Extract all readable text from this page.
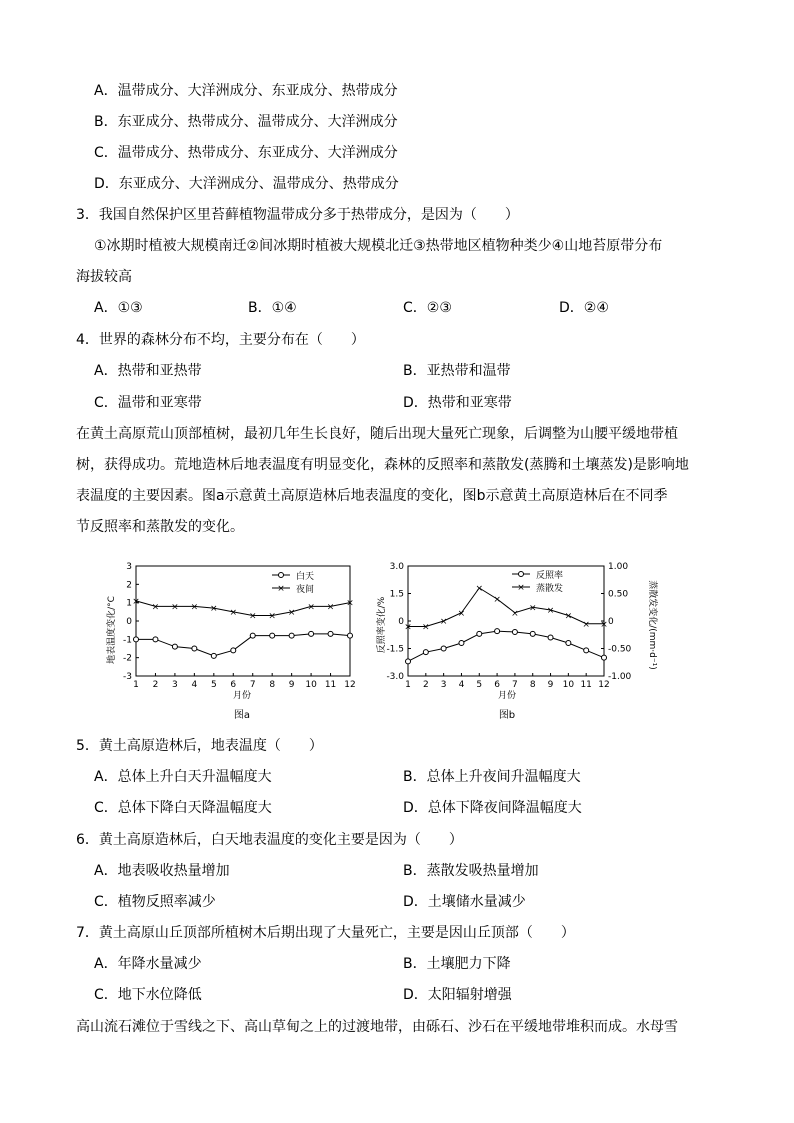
A．温带成分、大洋洲成分、东亚成分、热带成分
B．东亚成分、热带成分、温带成分、大洋洲成分
C．温带成分、热带成分、东亚成分、大洋洲成分
D．东亚成分、大洋洲成分、温带成分、热带成分
3．我国自然保护区里苔藓植物温带成分多于热带成分，是因为（　　）
①冰期时植被大规模南迁②间冰期时植被大规模北迁③热带地区植物种类少④山地苔原带分布
海拔较高
A．①③	B．①④	C．②③	D．②④
4．世界的森林分布不均，主要分布在（　　）
A．热带和亚热带	B．亚热带和温带
C．温带和亚寒带	D．热带和亚寒带
在黄土高原荒山顶部植树，最初几年生长良好，随后出现大量死亡现象，后调整为山腰平缓地带植
树，获得成功。荒地造林后地表温度有明显变化，森林的反照率和蒸散发(蒸腾和土壤蒸发)是影响地
表温度的主要因素。图a示意黄土高原造林后地表温度的变化，图b示意黄土高原造林后在不同季
节反照率和蒸散发的变化。
地表温度变化/°C
-3
-2
-1
0
1
2
3
1 2 3 4 5 6 7 8 9 10 11 12
×
× × × × × × × ×
× × ×
白天
× 夜间
月份
图a
反照率变化/%	蒸散发变化/(mm·d⁻¹)
3.0
1.5
0
-1.5
-3.0
1.00
0.50
0
-0.50
-1.00
1 2 3 4 5 6 7 8 9 10 11 12
× ×
×
×
×
×
×
× ×
×
× ×
反照率
× 蒸散发
月份
图b
5．黄土高原造林后，地表温度（　　）
A．总体上升白天升温幅度大	B．总体上升夜间升温幅度大
C．总体下降白天降温幅度大	D．总体下降夜间降温幅度大
6．黄土高原造林后，白天地表温度的变化主要是因为（　　）
A．地表吸收热量增加	B．蒸散发吸热量增加
C．植物反照率减少	D．土壤储水量减少
7．黄土高原山丘顶部所植树木后期出现了大量死亡，主要是因山丘顶部（　　）
A．年降水量减少	B．土壤肥力下降
C．地下水位降低	D．太阳辐射增强
高山流石滩位于雪线之下、高山草甸之上的过渡地带，由砾石、沙石在平缓地带堆积而成。水母雪
